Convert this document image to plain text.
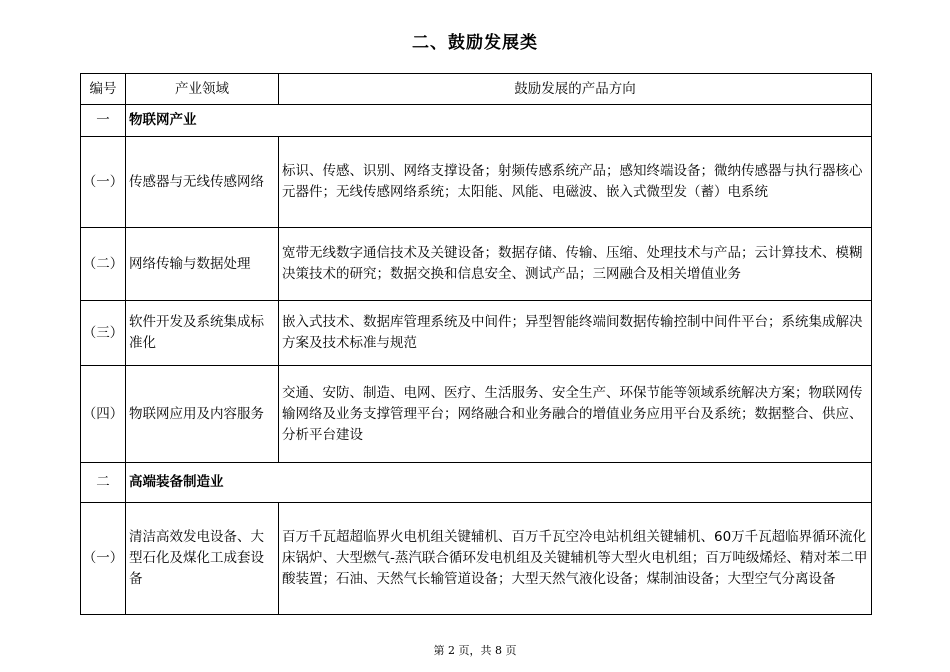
二、鼓励发展类
编号	产业领域	鼓励发展的产品方向
一	物联网产业	
（一）	传感器与无线传感网络	标识、传感、识别、网络支撑设备；射频传感系统产品；感知终端设备；微纳传感器与执行器核心元器件；无线传感网络系统；太阳能、风能、电磁波、嵌入式微型发（蓄）电系统
（二）	网络传输与数据处理	宽带无线数字通信技术及关键设备；数据存储、传输、压缩、处理技术与产品；云计算技术、模糊决策技术的研究；数据交换和信息安全、测试产品；三网融合及相关增值业务
（三）	软件开发及系统集成标准化	嵌入式技术、数据库管理系统及中间件；异型智能终端间数据传输控制中间件平台；系统集成解决方案及技术标准与规范
（四）	物联网应用及内容服务	交通、安防、制造、电网、医疗、生活服务、安全生产、环保节能等领域系统解决方案；物联网传输网络及业务支撑管理平台；网络融合和业务融合的增值业务应用平台及系统；数据整合、供应、分析平台建设
二	高端装备制造业	
（一）	清洁高效发电设备、大型石化及煤化工成套设备	百万千瓦超超临界火电机组关键辅机、百万千瓦空冷电站机组关键辅机、60万千瓦超临界循环流化床锅炉、大型燃气-蒸汽联合循环发电机组及关键辅机等大型火电机组；百万吨级烯烃、精对苯二甲酸装置；石油、天然气长输管道设备；大型天然气液化设备；煤制油设备；大型空气分离设备
第 2 页，共 8 页
